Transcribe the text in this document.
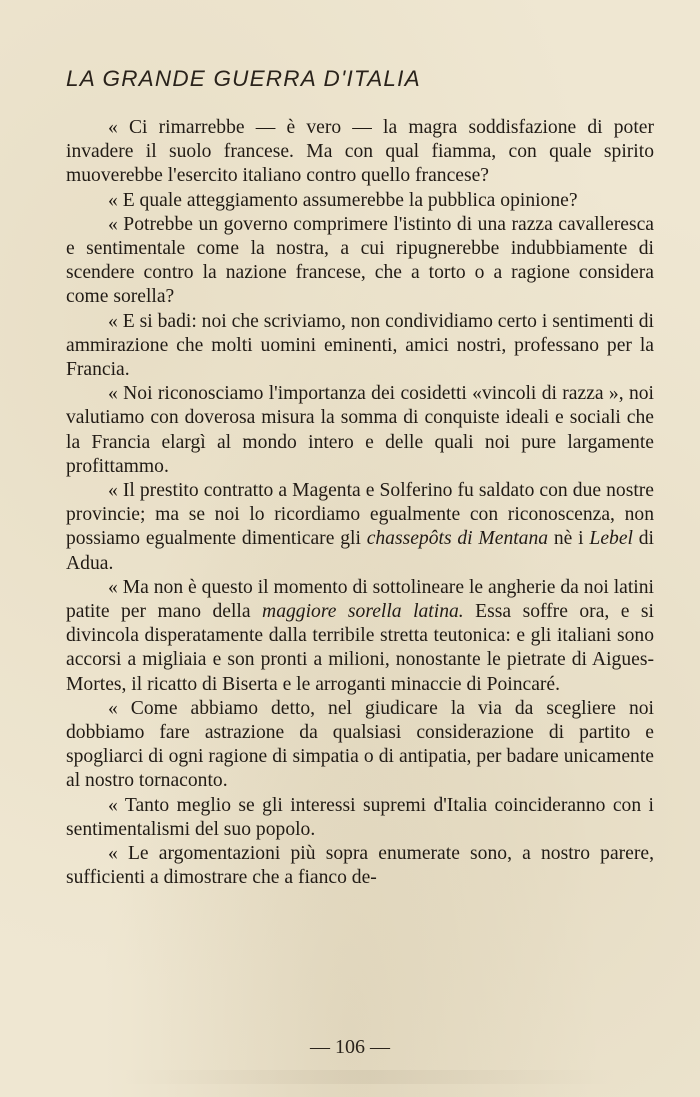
LA GRANDE GUERRA D'ITALIA

« Ci rimarrebbe — è vero — la magra soddisfazione di poter invadere il suolo francese. Ma con qual fiamma, con quale spirito muoverebbe l'esercito italiano contro quello francese?

« E quale atteggiamento assumerebbe la pubblica opinione?

« Potrebbe un governo comprimere l'istinto di una razza cavalleresca e sentimentale come la nostra, a cui ripugnerebbe indubbiamente di scendere contro la nazione francese, che a torto o a ragione considera come sorella?

« E si badi: noi che scriviamo, non condividiamo certo i sentimenti di ammirazione che molti uomini eminenti, amici nostri, professano per la Francia.

« Noi riconosciamo l'importanza dei cosidetti «vincoli di razza », noi valutiamo con doverosa misura la somma di conquiste ideali e sociali che la Francia elargì al mondo intero e delle quali noi pure largamente profittammo.

« Il prestito contratto a Magenta e Solferino fu saldato con due nostre provincie; ma se noi lo ricordiamo egualmente con riconoscenza, non possiamo egualmente dimenticare gli chassepôts di Mentana nè i Lebel di Adua.

« Ma non è questo il momento di sottolineare le angherie da noi latini patite per mano della maggiore sorella latina. Essa soffre ora, e si divincola disperatamente dalla terribile stretta teutonica: e gli italiani sono accorsi a migliaia e son pronti a milioni, nonostante le pietrate di Aigues-Mortes, il ricatto di Biserta e le arroganti minaccie di Poincaré.

« Come abbiamo detto, nel giudicare la via da scegliere noi dobbiamo fare astrazione da qualsiasi considerazione di partito e spogliarci di ogni ragione di simpatia o di antipatia, per badare unicamente al nostro tornaconto.

« Tanto meglio se gli interessi supremi d'Italia coincideranno con i sentimentalismi del suo popolo.

« Le argomentazioni più sopra enumerate sono, a nostro parere, sufficienti a dimostrare che a fianco de-

— 106 —
